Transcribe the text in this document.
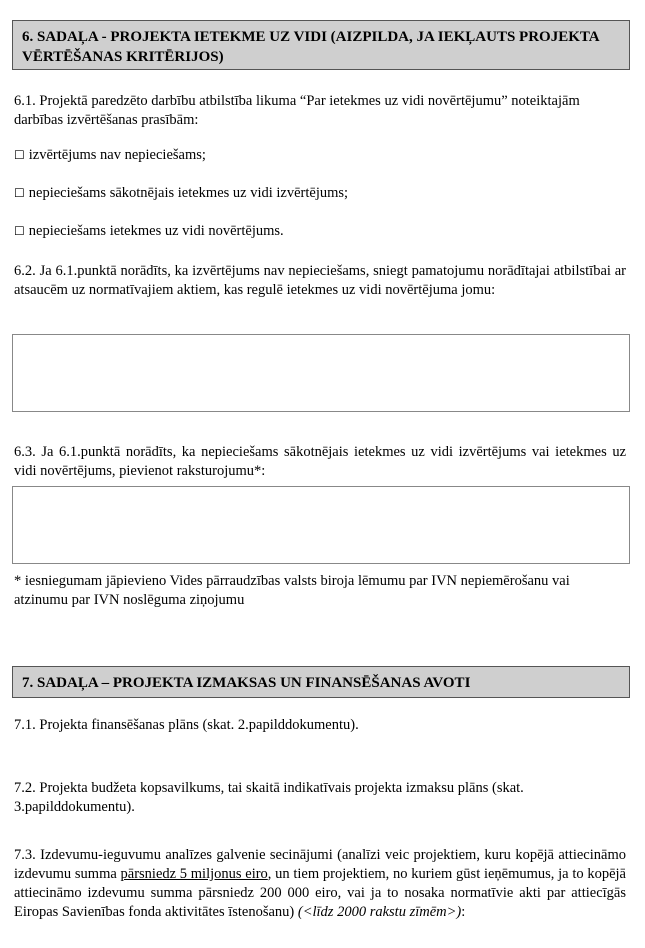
6. SADAĻA - PROJEKTA IETEKME UZ VIDI (AIZPILDA, JA IEKĻAUTS PROJEKTA VĒRTĒŠANAS KRITĒRIJOS)
6.1. Projektā paredzēto darbību atbilstība likuma “Par ietekmes uz vidi novērtējumu” noteiktajām darbības izvērtēšanas prasībām:
☐ izvērtējums nav nepieciešams;
☐ nepieciešams sākotnējais ietekmes uz vidi izvērtējums;
☐ nepieciešams ietekmes uz vidi novērtējums.
6.2. Ja 6.1.punktā norādīts, ka izvērtējums nav nepieciešams, sniegt pamatojumu norādītajai atbilstībai ar atsaucēm uz normatīvajiem aktiem, kas regulē ietekmes uz vidi novērtējuma jomu:
6.3. Ja 6.1.punktā norādīts, ka nepieciešams sākotnējais ietekmes uz vidi izvērtējums vai ietekmes uz vidi novērtējums, pievienot raksturojumu*:
* iesniegumam jāpievieno Vides pārraudzības valsts biroja lēmumu par IVN nepiemērošanu vai atzinumu par IVN noslēguma ziņojumu
7. SADAĻA – PROJEKTA IZMAKSAS UN FINANSĒŠANAS AVOTI
7.1. Projekta finansēšanas plāns (skat. 2.papilddokumentu).
7.2. Projekta budžeta kopsavilkums, tai skaitā indikatīvais projekta izmaksu plāns (skat. 3.papilddokumentu).
7.3. Izdevumu-ieguvumu analīzes galvenie secinājumi (analīzi veic projektiem, kuru kopējā attiecināmo izdevumu summa pārsniedz 5 miljonus eiro, un tiem projektiem, no kuriem gūst ieņēmumus, ja to kopējā attiecināmo izdevumu summa pārsniedz 200 000 eiro, vai ja to nosaka normatīvie akti par attiecīgās Eiropas Savienības fonda aktivitātes īstenošanu) (<līdz 2000 rakstu zīmēm>):
